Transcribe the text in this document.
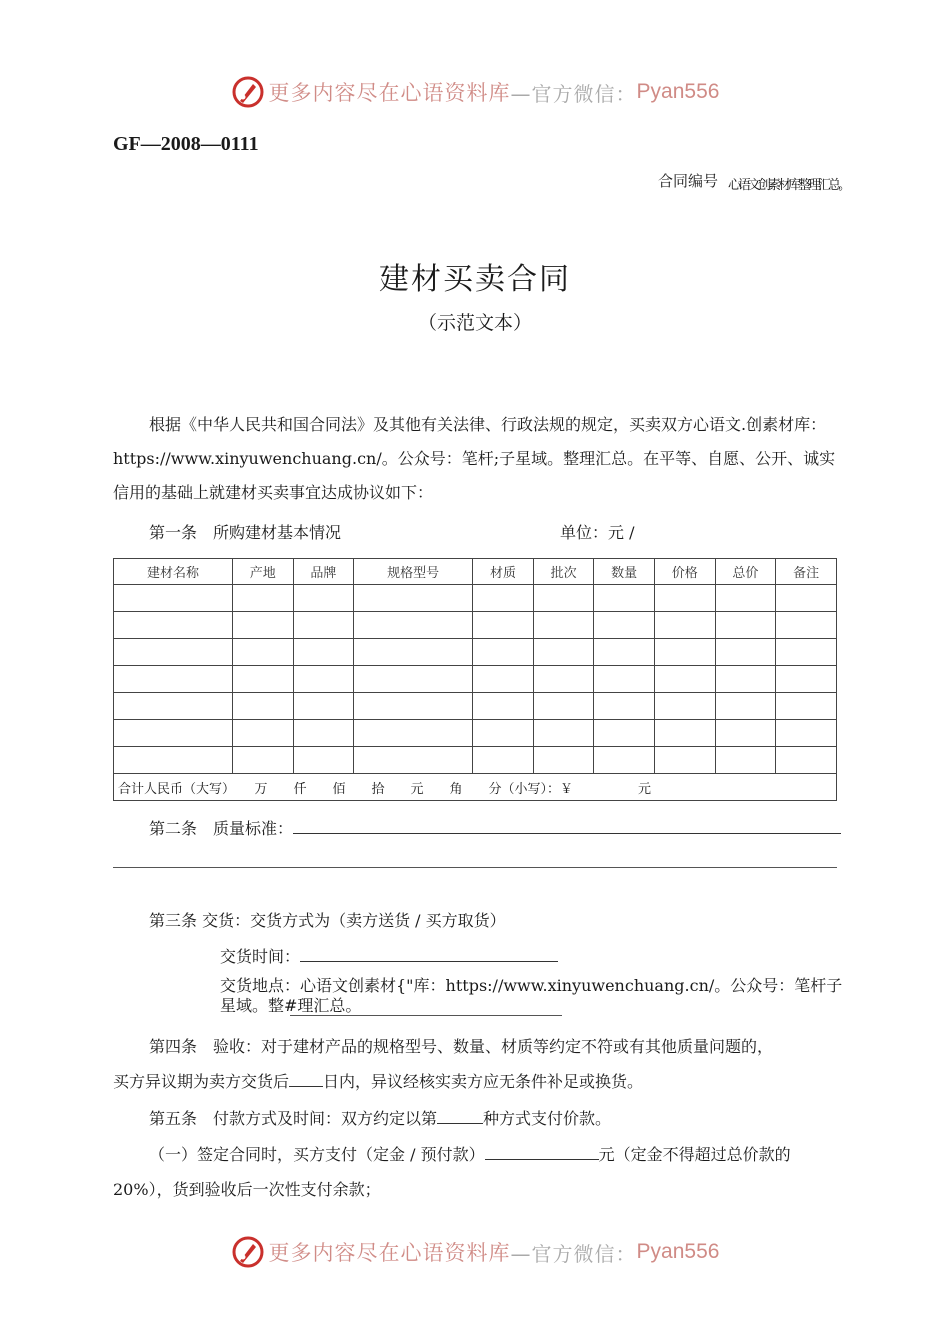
更多内容尽在心语资料库 —官方微信： Pyan556
GF—2008—0111
合同编号 心语文创素材库整理汇总。
建材买卖合同
（示范文本）
根据《中华人民共和国合同法》及其他有关法律、行政法规的规定，买卖双方心语文.创素材库：https://www.xinyuwenchuang.cn/。公众号：笔杆;子星域。整理汇总。在平等、自愿、公开、诚实信用的基础上就建材买卖事宜达成协议如下：
第一条　所购建材基本情况	单位：元 /
建材名称	产地	品牌	规格型号	材质	批次	数量	价格	总价	备注

合计人民币（大写）　　万　　仟　　佰　　拾　　元　　角　　分（小写）：￥　　　　　元									
第二条　质量标准：
第三条 交货：交货方式为（卖方送货 / 买方取货）
交货时间：
交货地点：心语文创素材{"库：https://www.xinyuwenchuang.cn/。公众号：笔杆子星域。整#理汇总。
第四条　验收：对于建材产品的规格型号、数量、材质等约定不符或有其他质量问题的，
买方异议期为卖方交货后 日内，异议经核实卖方应无条件补足或换货。
第五条　付款方式及时间：双方约定以第	种方式支付价款。
（一）签定合同时，买方支付（定金 / 预付款）	元（定金不得超过总价款的
20%），货到验收后一次性支付余款；
更多内容尽在心语资料库 —官方微信： Pyan556
